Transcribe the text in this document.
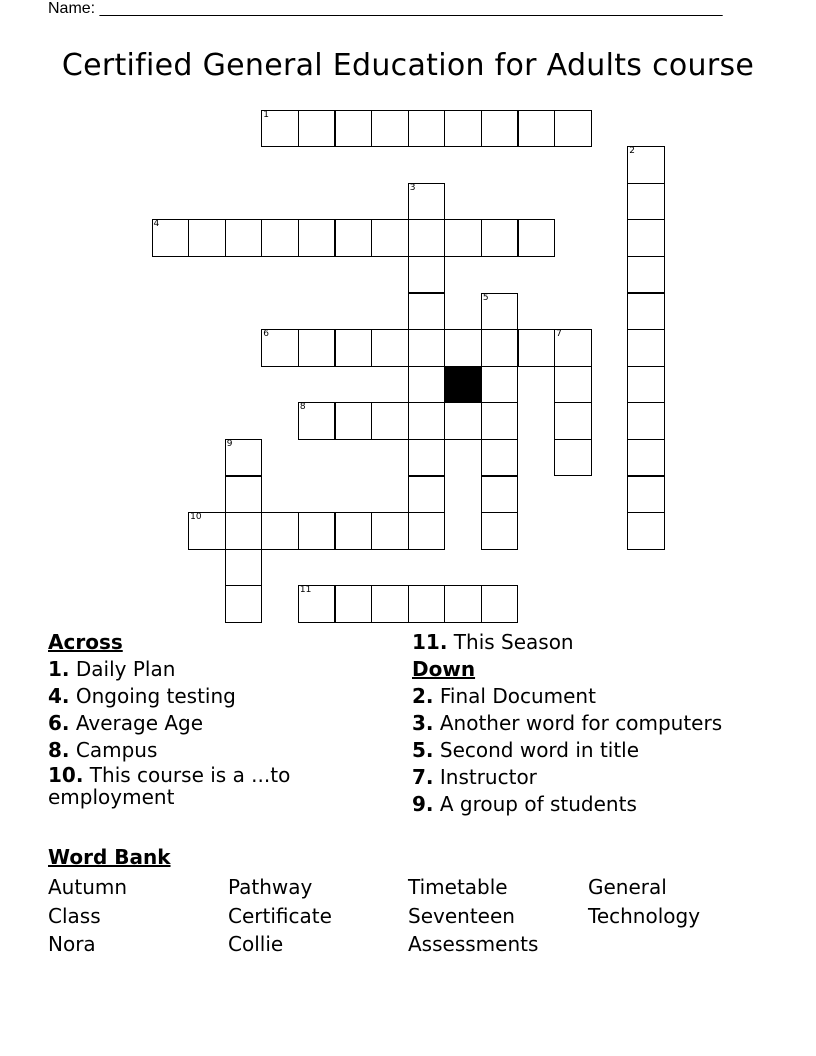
Name: ______________________________________________________________________
Certified General Education for Adults course
1
2
3
4
5
6	7
8
9
10
11
Across
1. Daily Plan
4. Ongoing testing
6. Average Age
8. Campus
10. This course is a ...to employment
11. This Season
Down
2. Final Document
3. Another word for computers
5. Second word in title
7. Instructor
9. A group of students
Word Bank
Autumn
Class
Nora
Pathway
Certificate
Collie
Timetable
Seventeen
Assessments
General
Technology
